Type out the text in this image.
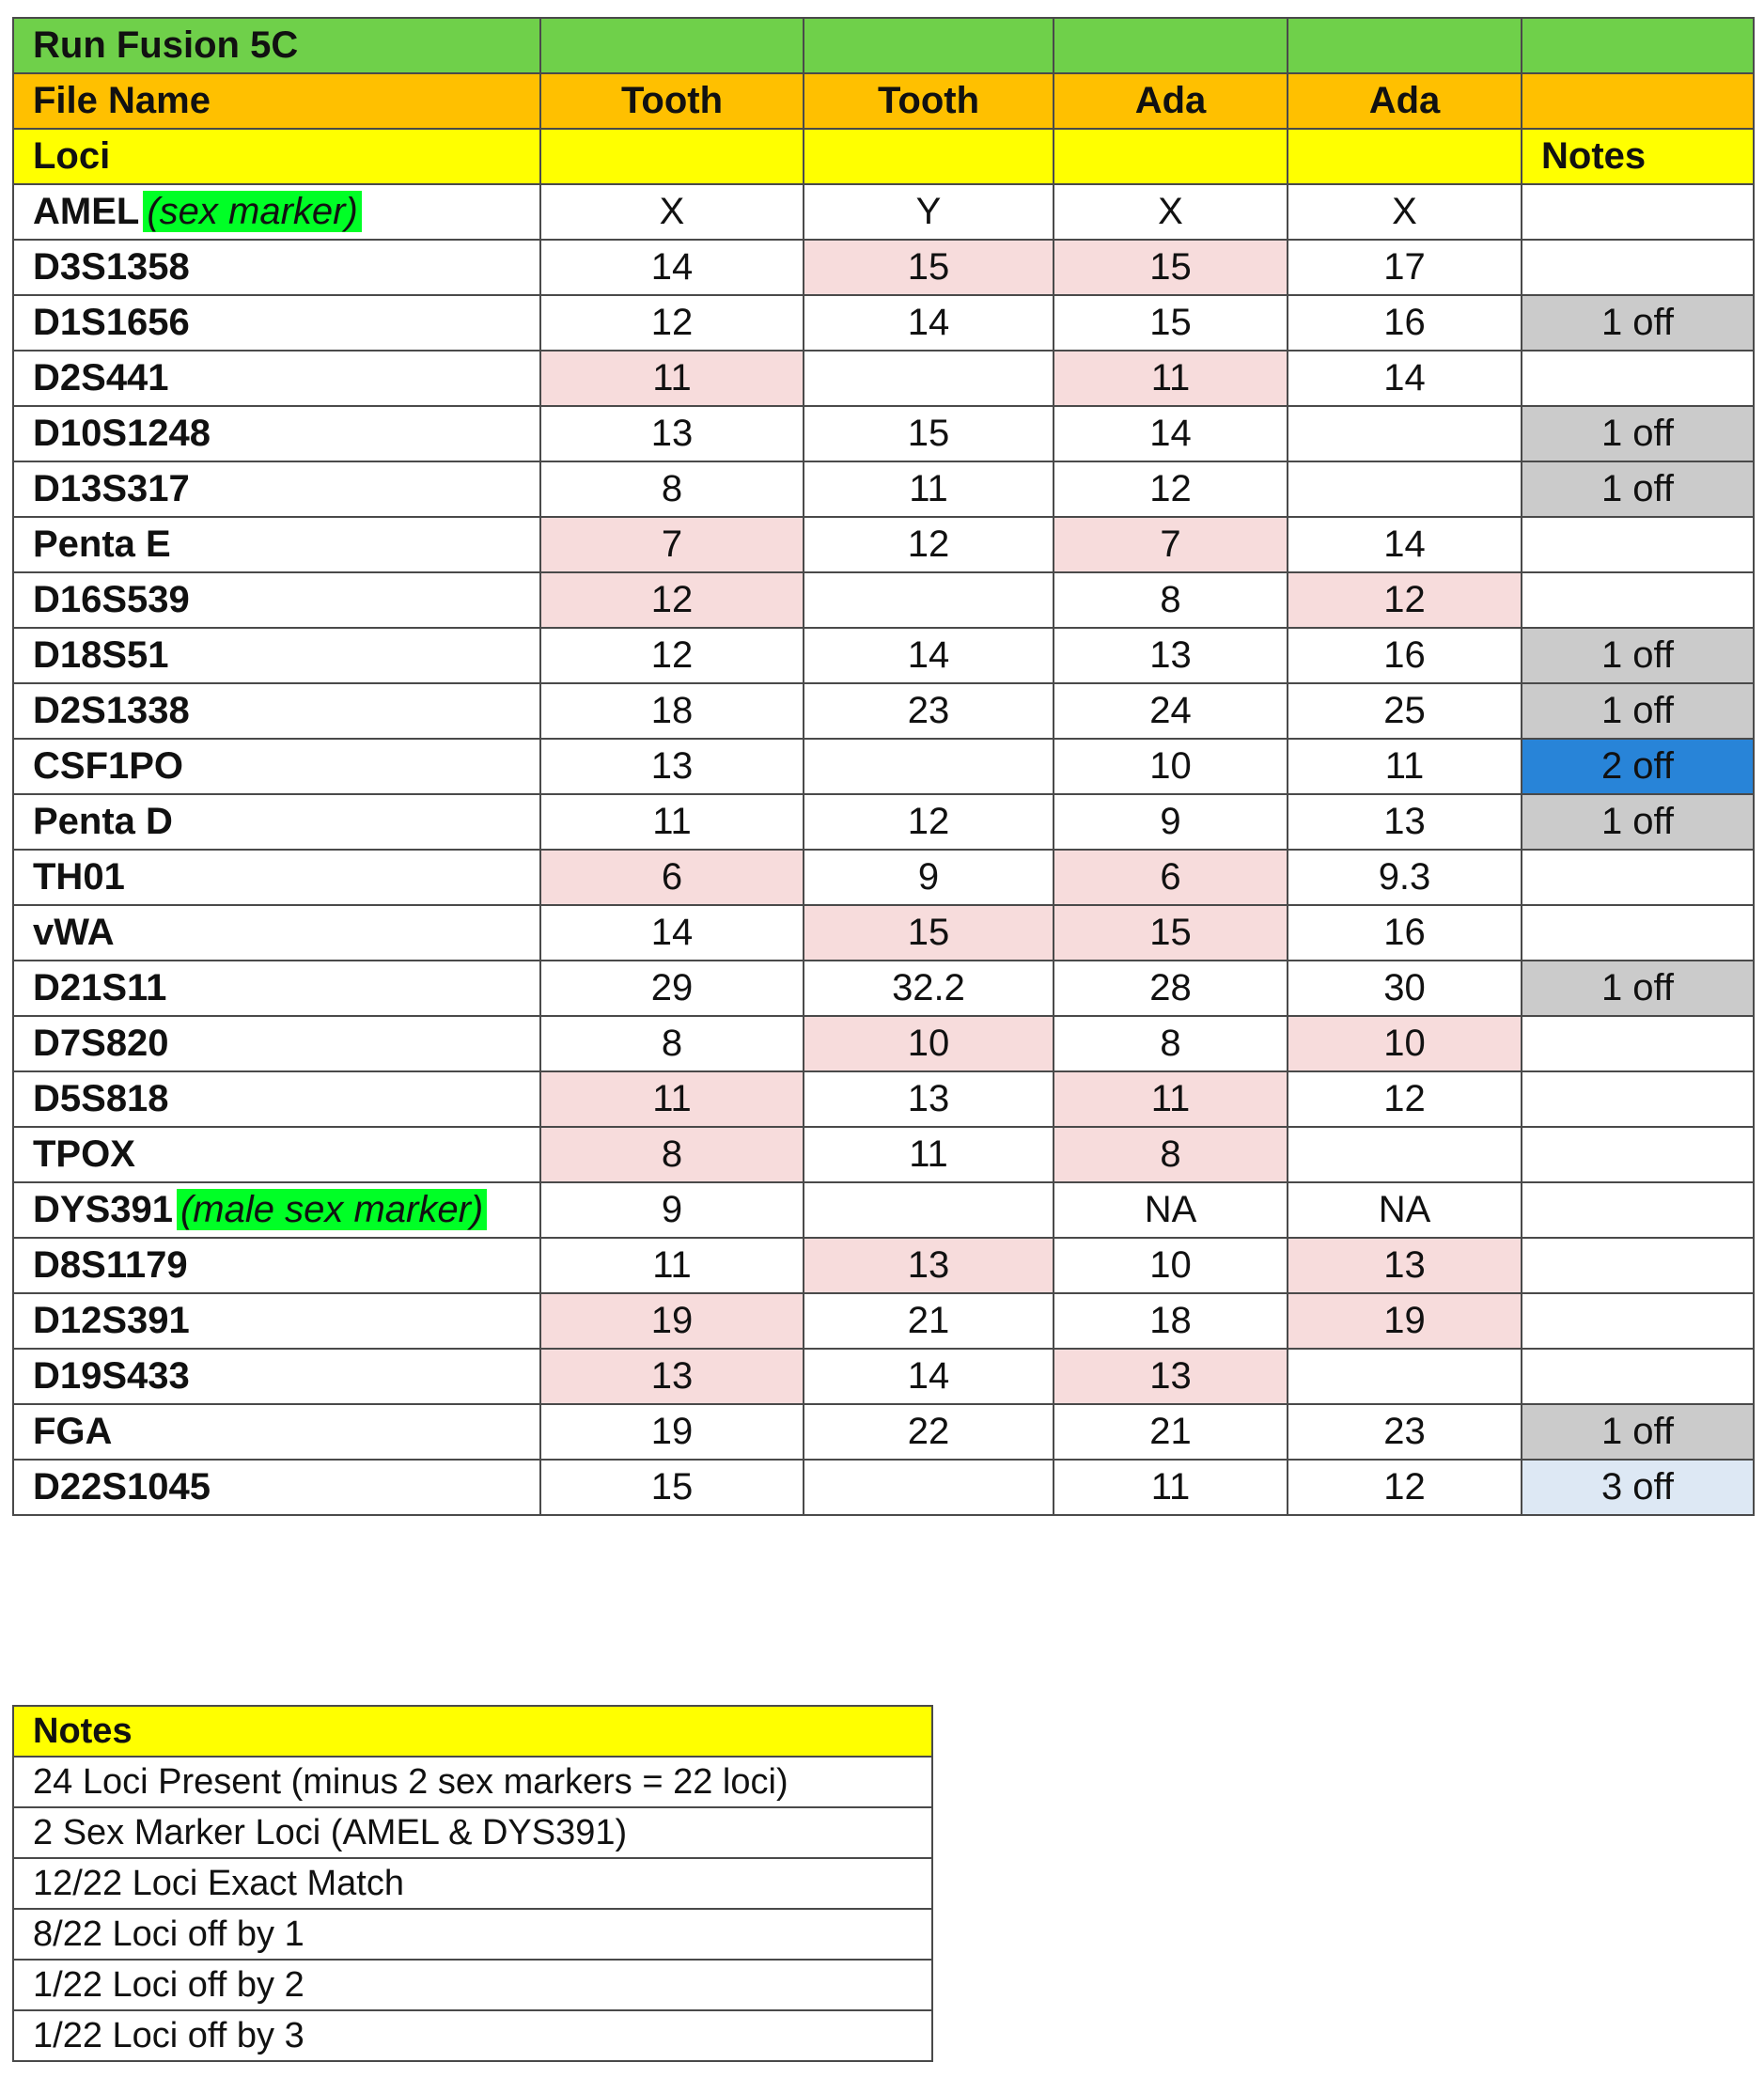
Run Fusion 5C					
File Name	Tooth	Tooth	Ada	Ada	
Loci					Notes
AMEL (sex marker)	X	Y	X	X	
D3S1358	14	15	15	17	
D1S1656	12	14	15	16	1 off
D2S441	11		11	14	
D10S1248	13	15	14		1 off
D13S317	8	11	12		1 off
Penta E	7	12	7	14	
D16S539	12		8	12	
D18S51	12	14	13	16	1 off
D2S1338	18	23	24	25	1 off
CSF1PO	13		10	11	2 off
Penta D	11	12	9	13	1 off
TH01	6	9	6	9.3	
vWA	14	15	15	16	
D21S11	29	32.2	28	30	1 off
D7S820	8	10	8	10	
D5S818	11	13	11	12	
TPOX	8	11	8		
DYS391 (male sex marker)	9		NA	NA	
D8S1179	11	13	10	13	
D12S391	19	21	18	19	
D19S433	13	14	13		
FGA	19	22	21	23	1 off
D22S1045	15		11	12	3 off
Notes
24 Loci Present (minus 2 sex markers = 22 loci)
2 Sex Marker Loci (AMEL & DYS391)
12/22 Loci Exact Match
8/22 Loci off by 1
1/22 Loci off by 2
1/22 Loci off by 3
